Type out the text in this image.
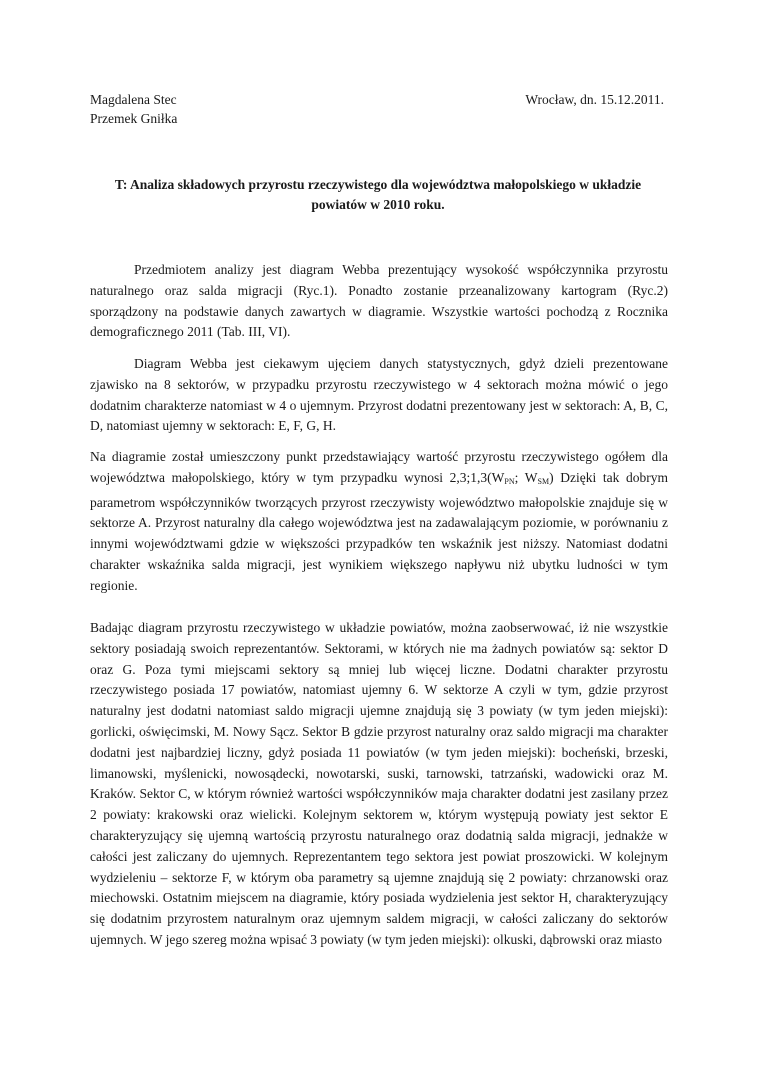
Magdalena Stec
Przemek Gniłka
Wrocław, dn. 15.12.2011.
T: Analiza składowych przyrostu rzeczywistego dla województwa małopolskiego w układzie powiatów w 2010 roku.

Przedmiotem analizy jest diagram Webba prezentujący wysokość współczynnika przyrostu naturalnego oraz salda migracji (Ryc.1). Ponadto zostanie przeanalizowany kartogram (Ryc.2) sporządzony na podstawie danych zawartych w diagramie. Wszystkie wartości pochodzą z Rocznika demograficznego 2011 (Tab. III, VI).

Diagram Webba jest ciekawym ujęciem danych statystycznych, gdyż dzieli prezentowane zjawisko na 8 sektorów, w przypadku przyrostu rzeczywistego w 4 sektorach można mówić o jego dodatnim charakterze natomiast w 4 o ujemnym. Przyrost dodatni prezentowany jest w sektorach: A, B, C, D, natomiast ujemny w sektorach: E, F, G, H.

Na diagramie został umieszczony punkt przedstawiający wartość przyrostu rzeczywistego ogółem dla województwa małopolskiego, który w tym przypadku wynosi $2,3;1,3(W_{PN}$; $W_{SM}$) Dzięki tak dobrym parametrom współczynników tworzących przyrost rzeczywisty województwo małopolskie znajduje się w sektorze A. Przyrost naturalny dla całego województwa jest na zadawalającym poziomie, w porównaniu z innymi województwami gdzie w większości przypadków ten wskaźnik jest niższy. Natomiast dodatni charakter wskaźnika salda migracji, jest wynikiem większego napływu niż ubytku ludności w tym regionie.

Badając diagram przyrostu rzeczywistego w układzie powiatów, można zaobserwować, iż nie wszystkie sektory posiadają swoich reprezentantów. Sektorami, w których nie ma żadnych powiatów są: sektor D oraz G. Poza tymi miejscami sektory są mniej lub więcej liczne. Dodatni charakter przyrostu rzeczywistego posiada 17 powiatów, natomiast ujemny 6. W sektorze A czyli w tym, gdzie przyrost naturalny jest dodatni natomiast saldo migracji ujemne znajdują się 3 powiaty (w tym jeden miejski): gorlicki, oświęcimski, M. Nowy Sącz. Sektor B gdzie przyrost naturalny oraz saldo migracji ma charakter dodatni jest najbardziej liczny, gdyż posiada 11 powiatów (w tym jeden miejski): bocheński, brzeski, limanowski, myślenicki, nowosądecki, nowotarski, suski, tarnowski, tatrzański, wadowicki oraz M. Kraków. Sektor C, w którym również wartości współczynników maja charakter dodatni jest zasilany przez 2 powiaty: krakowski oraz wielicki. Kolejnym sektorem w, którym występują powiaty jest sektor E charakteryzujący się ujemną wartością przyrostu naturalnego oraz dodatnią salda migracji, jednakże w całości jest zaliczany do ujemnych. Reprezentantem tego sektora jest powiat proszowicki. W kolejnym wydzieleniu – sektorze F, w którym oba parametry są ujemne znajdują się 2 powiaty: chrzanowski oraz miechowski. Ostatnim miejscem na diagramie, który posiada wydzielenia jest sektor H, charakteryzujący się dodatnim przyrostem naturalnym oraz ujemnym saldem migracji, w całości zaliczany do sektorów ujemnych. W jego szereg można wpisać 3 powiaty (w tym jeden miejski): olkuski, dąbrowski oraz miasto
